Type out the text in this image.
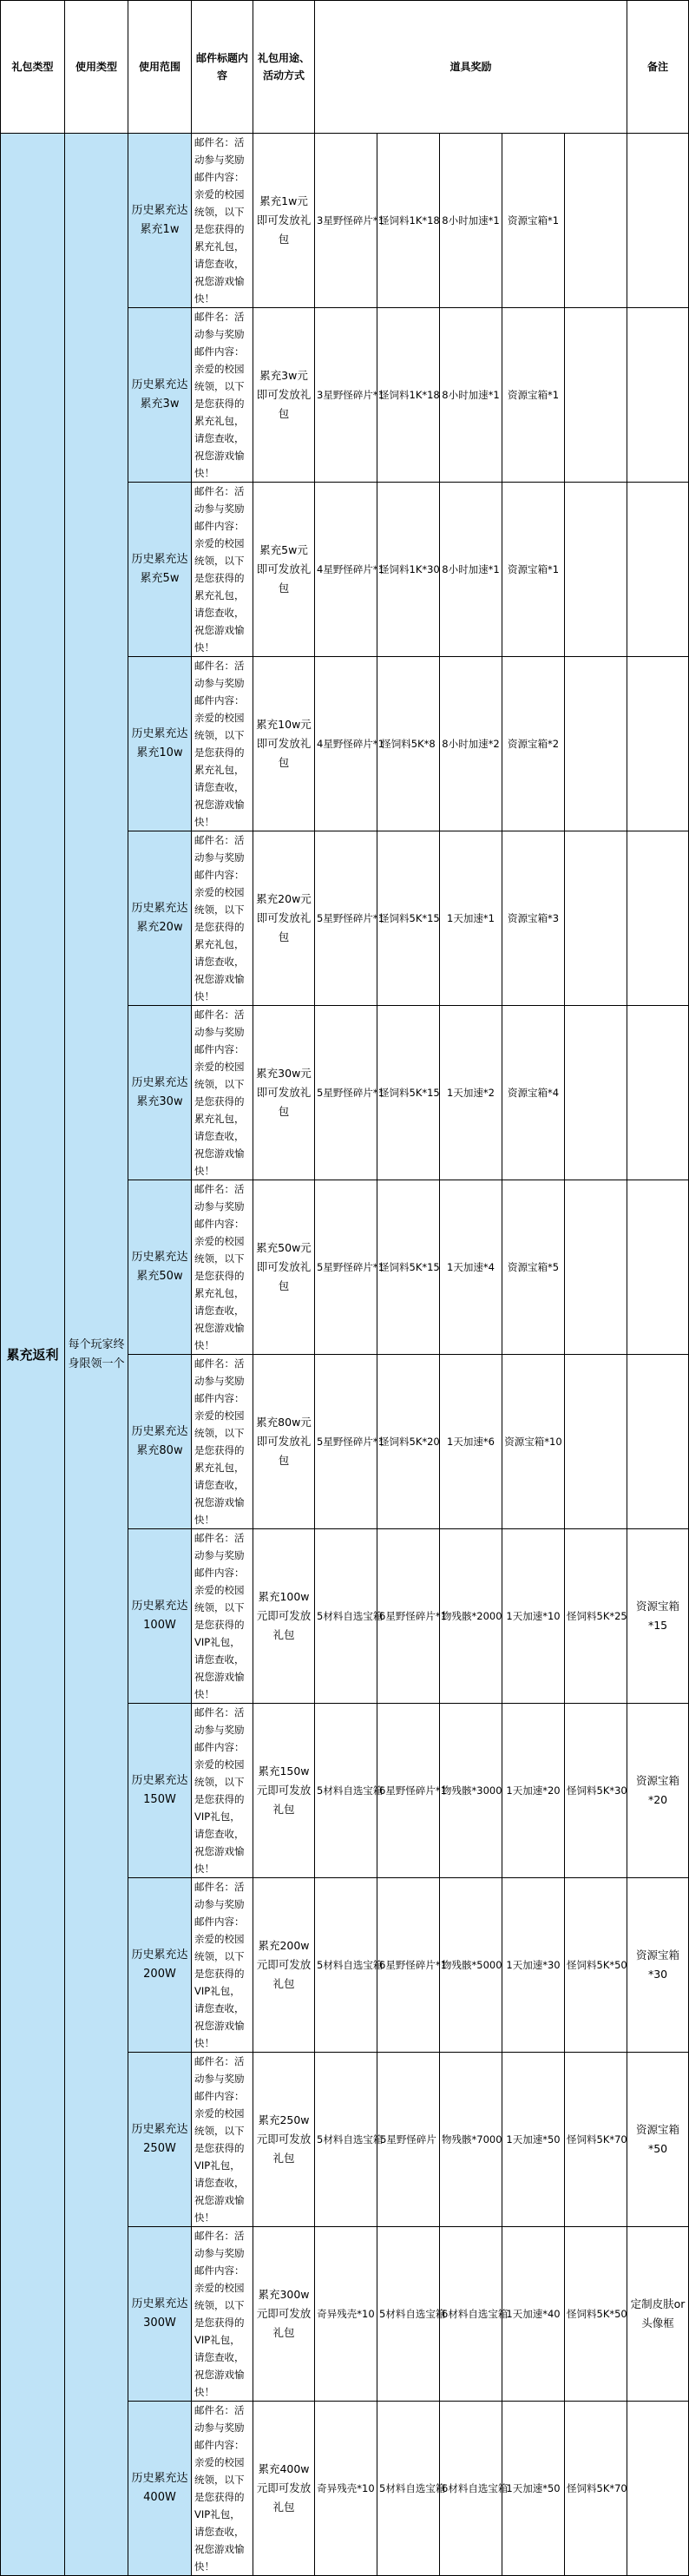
礼包类型	使用类型	使用范围	邮件标题内容	礼包用途、活动方式	道具奖励					备注
累充返利	每个玩家终身限领一个	历史累充达累充1w	邮件名：活动参与奖励邮件内容：亲爱的校园统领，以下是您获得的累充礼包，请您查收，祝您游戏愉快！	累充1w元即可发放礼包	3星野怪碎片*1	怪饲料1K*18	8小时加速*1	资源宝箱*1		
		历史累充达累充3w	邮件名：活动参与奖励邮件内容：亲爱的校园统领，以下是您获得的累充礼包，请您查收，祝您游戏愉快！	累充3w元即可发放礼包	3星野怪碎片*1	怪饲料1K*18	8小时加速*1	资源宝箱*1		
		历史累充达累充5w	邮件名：活动参与奖励邮件内容：亲爱的校园统领，以下是您获得的累充礼包，请您查收，祝您游戏愉快！	累充5w元即可发放礼包	4星野怪碎片*1	怪饲料1K*30	8小时加速*1	资源宝箱*1		
		历史累充达累充10w	邮件名：活动参与奖励邮件内容：亲爱的校园统领，以下是您获得的累充礼包，请您查收，祝您游戏愉快！	累充10w元即可发放礼包	4星野怪碎片*1	怪饲料5K*8	8小时加速*2	资源宝箱*2		
		历史累充达累充20w	邮件名：活动参与奖励邮件内容：亲爱的校园统领，以下是您获得的累充礼包，请您查收，祝您游戏愉快！	累充20w元即可发放礼包	5星野怪碎片*1	怪饲料5K*15	1天加速*1	资源宝箱*3		
		历史累充达累充30w	邮件名：活动参与奖励邮件内容：亲爱的校园统领，以下是您获得的累充礼包，请您查收，祝您游戏愉快！	累充30w元即可发放礼包	5星野怪碎片*1	怪饲料5K*15	1天加速*2	资源宝箱*4		
		历史累充达累充50w	邮件名：活动参与奖励邮件内容：亲爱的校园统领，以下是您获得的累充礼包，请您查收，祝您游戏愉快！	累充50w元即可发放礼包	5星野怪碎片*1	怪饲料5K*15	1天加速*4	资源宝箱*5		
		历史累充达累充80w	邮件名：活动参与奖励邮件内容：亲爱的校园统领，以下是您获得的累充礼包，请您查收，祝您游戏愉快！	累充80w元即可发放礼包	5星野怪碎片*1	怪饲料5K*20	1天加速*6	资源宝箱*10		
		历史累充达100W	邮件名：活动参与奖励邮件内容：亲爱的校园统领，以下是您获得的VIP礼包，请您查收，祝您游戏愉快！	累充100w元即可发放礼包	5材料自选宝箱	6星野怪碎片*1	物残骸*2000	1天加速*10	怪饲料5K*25	资源宝箱*15
		历史累充达150W	邮件名：活动参与奖励邮件内容：亲爱的校园统领，以下是您获得的VIP礼包，请您查收，祝您游戏愉快！	累充150w元即可发放礼包	5材料自选宝箱	6星野怪碎片*1	物残骸*3000	1天加速*20	怪饲料5K*30	资源宝箱*20
		历史累充达200W	邮件名：活动参与奖励邮件内容：亲爱的校园统领，以下是您获得的VIP礼包，请您查收，祝您游戏愉快！	累充200w元即可发放礼包	5材料自选宝箱	6星野怪碎片*1	物残骸*5000	1天加速*30	怪饲料5K*50	资源宝箱*30
		历史累充达250W	邮件名：活动参与奖励邮件内容：亲爱的校园统领，以下是您获得的VIP礼包，请您查收，祝您游戏愉快！	累充250w元即可发放礼包	5材料自选宝箱	5星野怪碎片	物残骸*7000	1天加速*50	怪饲料5K*70	资源宝箱*50
		历史累充达300W	邮件名：活动参与奖励邮件内容：亲爱的校园统领，以下是您获得的VIP礼包，请您查收，祝您游戏愉快！	累充300w元即可发放礼包	奇异残壳*10	5材料自选宝箱	6材料自选宝箱	1天加速*40	怪饲料5K*50	定制皮肤or头像框
		历史累充达400W	邮件名：活动参与奖励邮件内容：亲爱的校园统领，以下是您获得的VIP礼包，请您查收，祝您游戏愉快！	累充400w元即可发放礼包	奇异残壳*10	5材料自选宝箱	6材料自选宝箱	1天加速*50	怪饲料5K*70	
